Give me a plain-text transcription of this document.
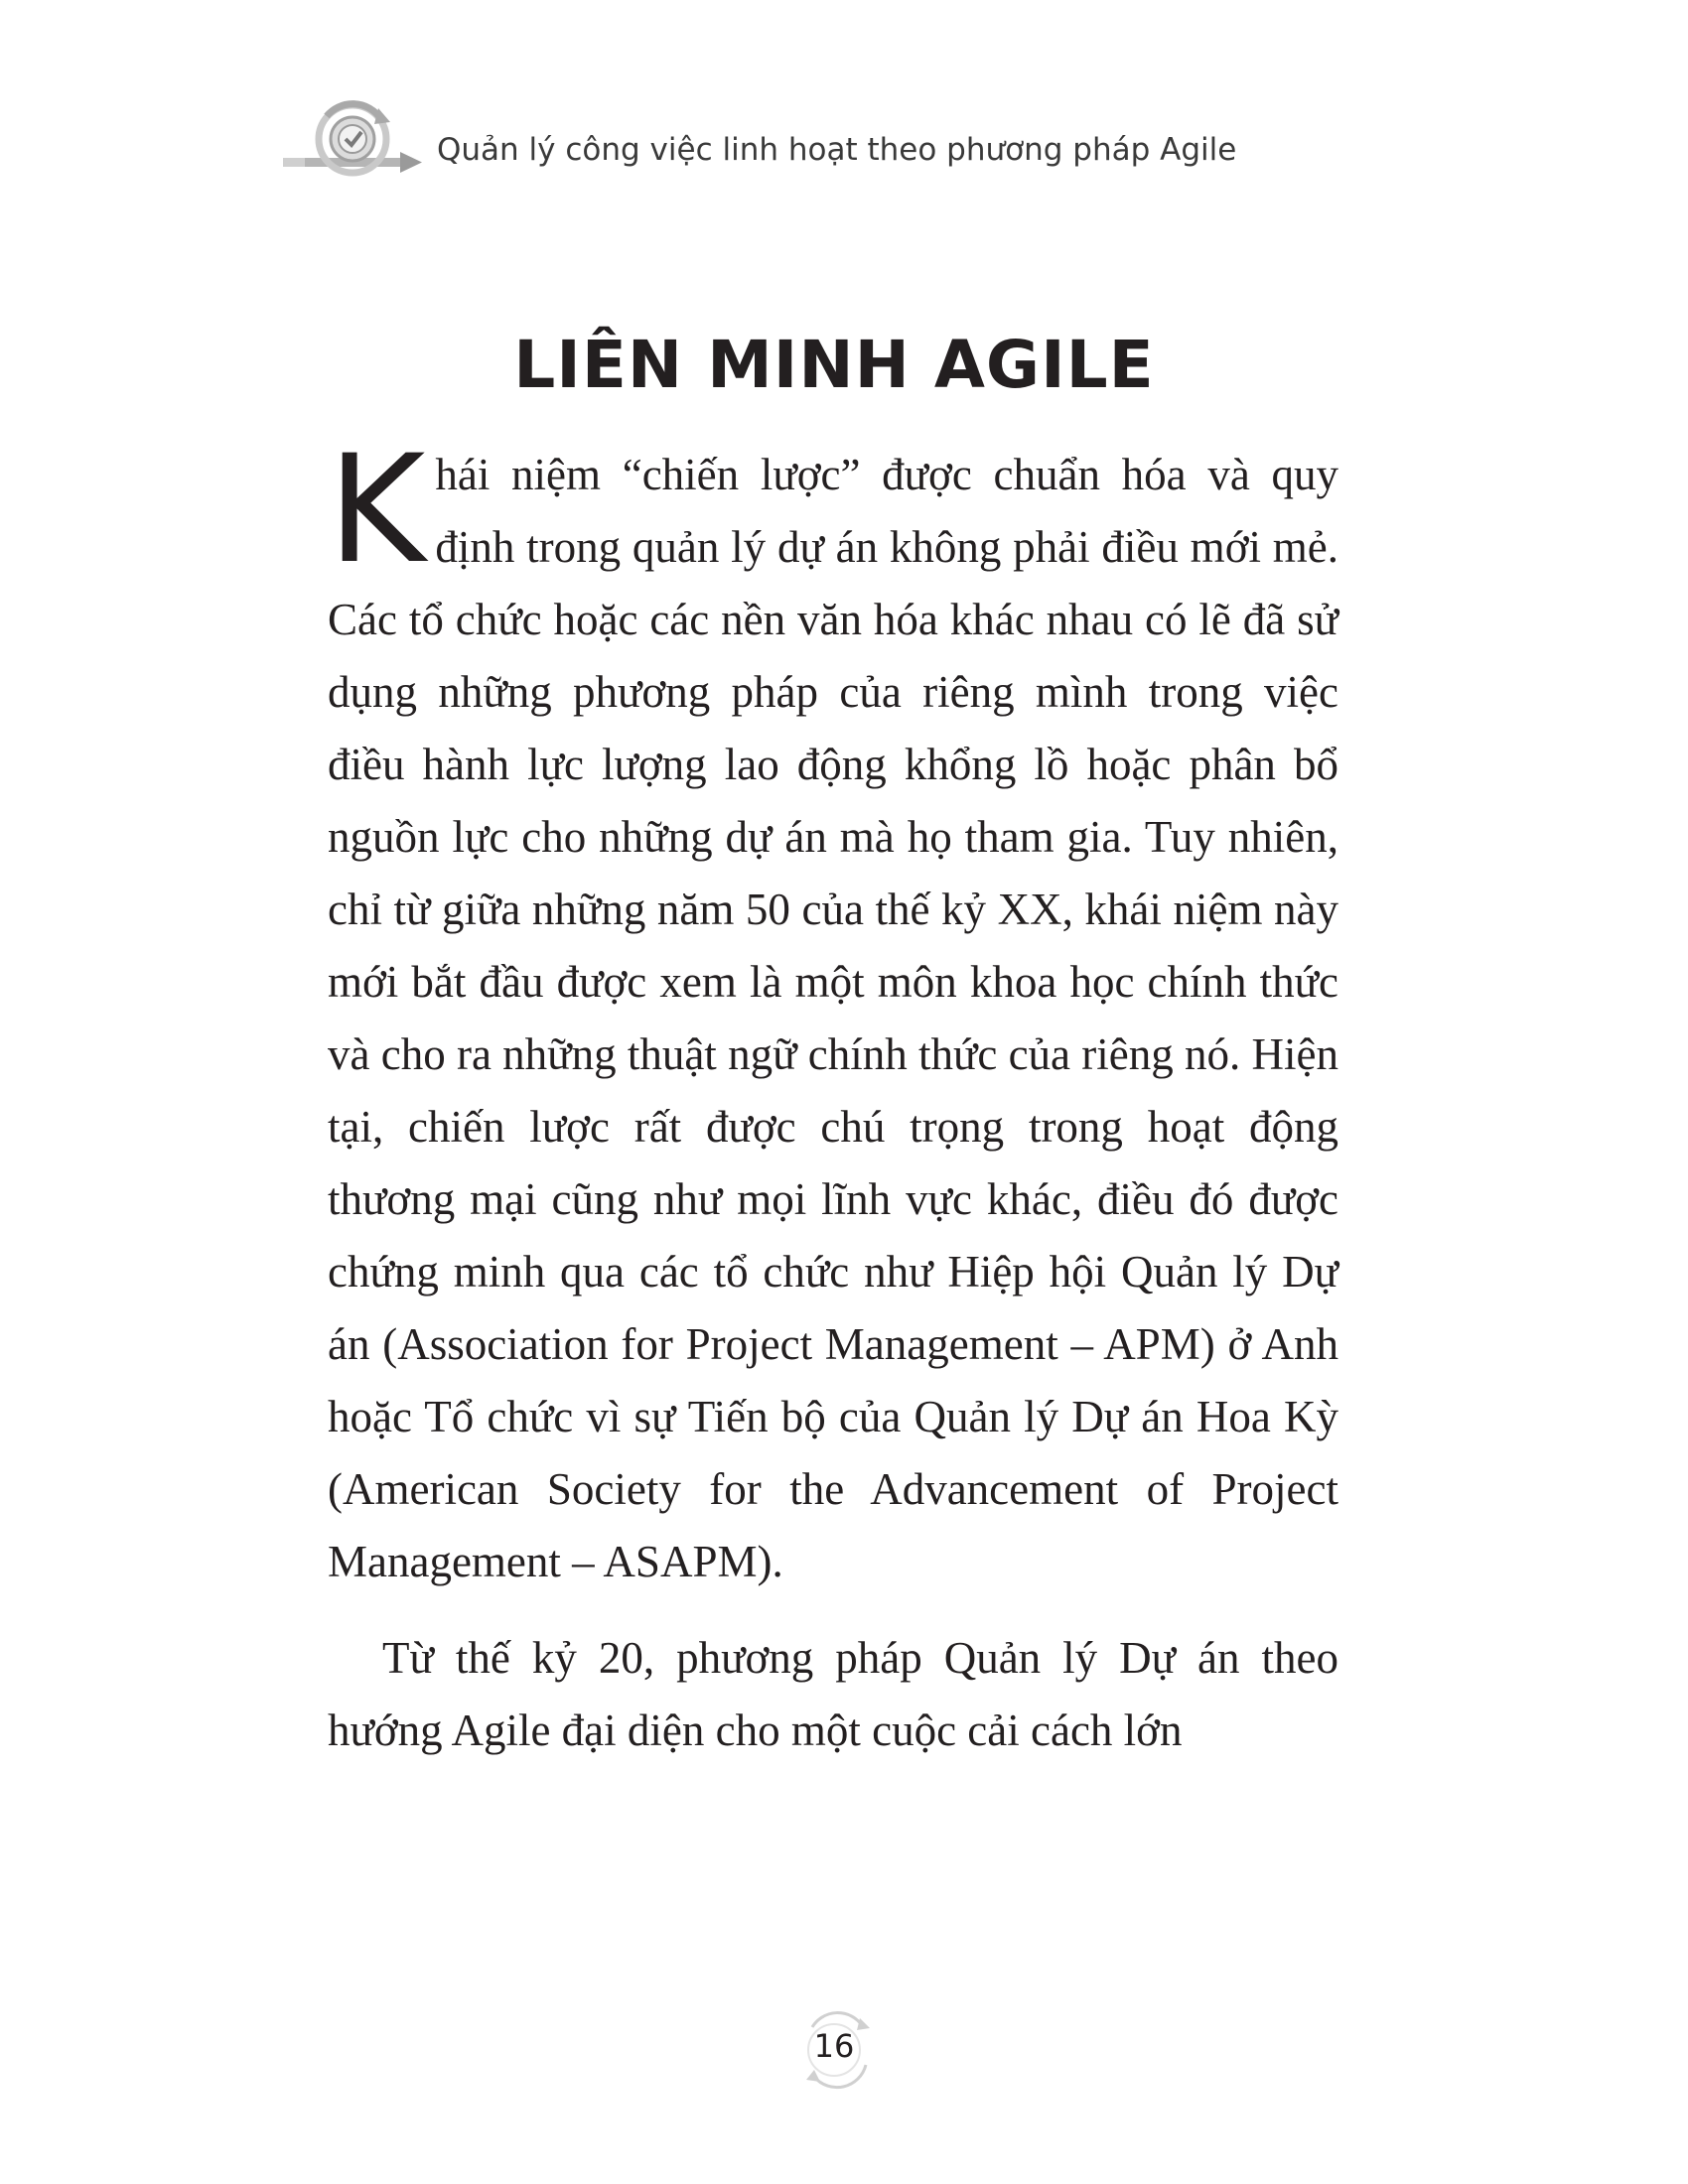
Quản lý công việc linh hoạt theo phương pháp Agile
LIÊN MINH AGILE

Khái niệm “chiến lược” được chuẩn hóa và quy định trong quản lý dự án không phải điều mới mẻ. Các tổ chức hoặc các nền văn hóa khác nhau có lẽ đã sử dụng những phương pháp của riêng mình trong việc điều hành lực lượng lao động khổng lồ hoặc phân bổ nguồn lực cho những dự án mà họ tham gia. Tuy nhiên, chỉ từ giữa những năm 50 của thế kỷ XX, khái niệm này mới bắt đầu được xem là một môn khoa học chính thức và cho ra những thuật ngữ chính thức của riêng nó. Hiện tại, chiến lược rất được chú trọng trong hoạt động thương mại cũng như mọi lĩnh vực khác, điều đó được chứng minh qua các tổ chức như Hiệp hội Quản lý Dự án (Association for Project Management – APM) ở Anh hoặc Tổ chức vì sự Tiến bộ của Quản lý Dự án Hoa Kỳ (American Society for the Advancement of Project Management – ASAPM).

Từ thế kỷ 20, phương pháp Quản lý Dự án theo hướng Agile đại diện cho một cuộc cải cách lớn

16
